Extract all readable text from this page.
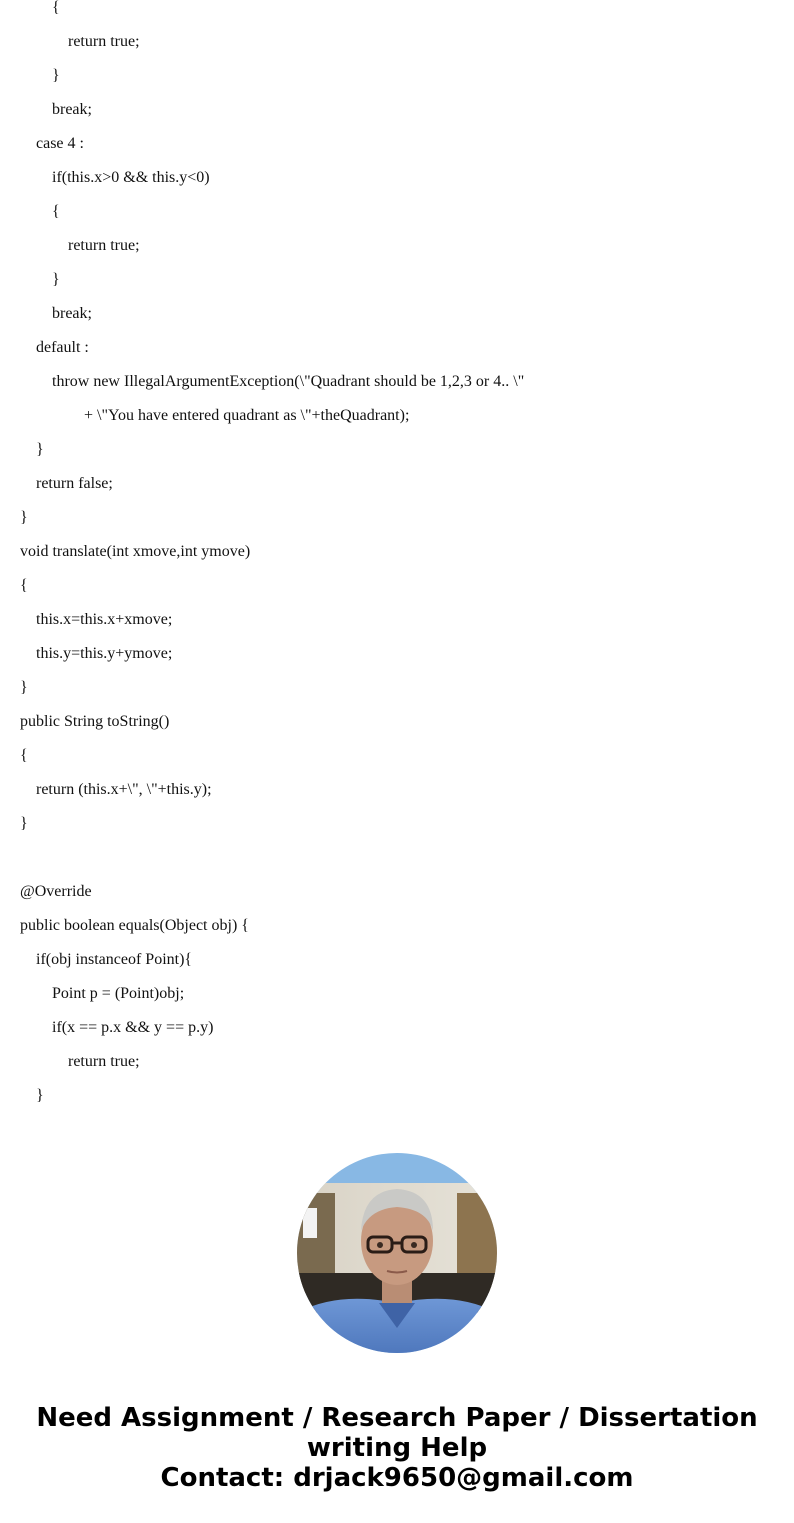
{
return true;
}
break;
case 4 :
if(this.x>0 && this.y<0)
{
return true;
}
break;
default :
throw new IllegalArgumentException(\"Quadrant should be 1,2,3 or 4.. \"
+ \"You have entered quadrant as \"+theQuadrant);
}
return false;
}
void translate(int xmove,int ymove)
{
this.x=this.x+xmove;
this.y=this.y+ymove;
}
public String toString()
{
return (this.x+\", \"+this.y);
}
@Override
public boolean equals(Object obj) {
if(obj instanceof Point){
Point p = (Point)obj;
if(x == p.x && y == p.y)
return true;
}
Need Assignment / Research Paper / Dissertation
writing Help
Contact: drjack9650@gmail.com
